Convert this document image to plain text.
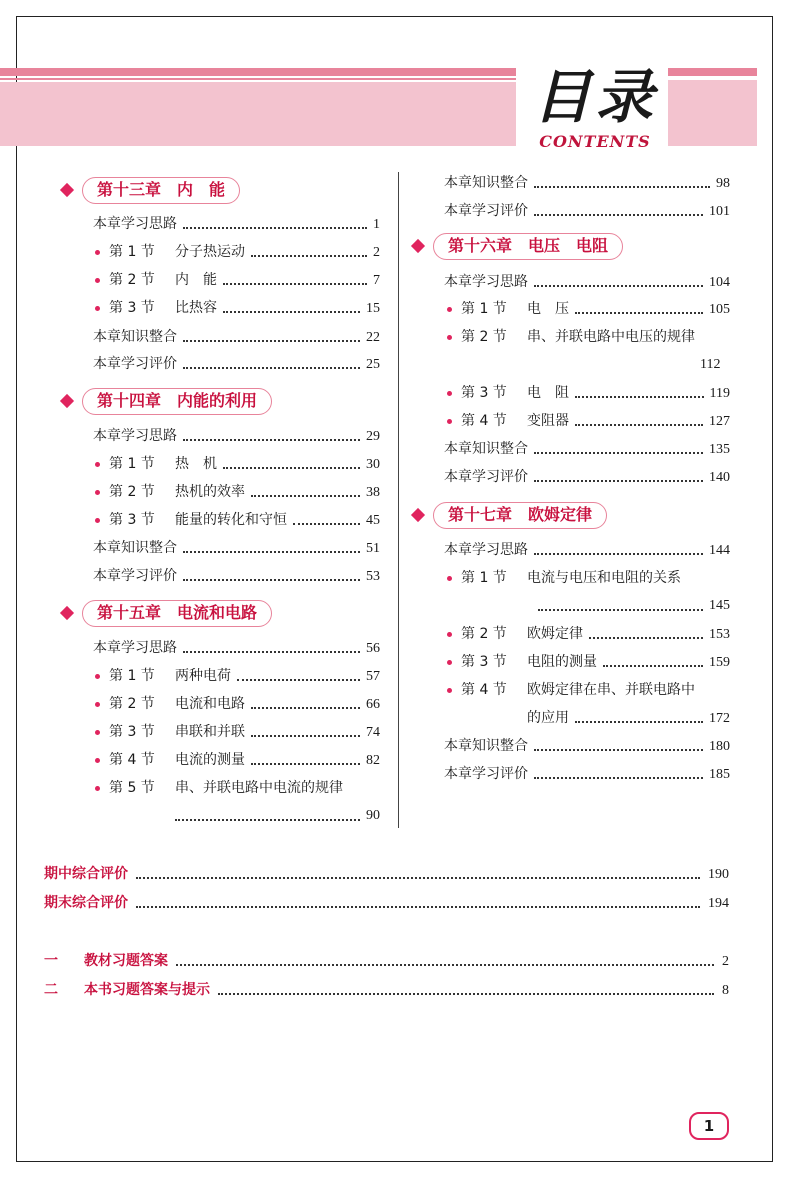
目录
CONTENTS
第十三章　内　能
本章学习思路	1
第 1 节	分子热运动	2
第 2 节	内　能	7
第 3 节	比热容	15
本章知识整合	22
本章学习评价	25
第十四章　内能的利用
本章学习思路	29
第 1 节	热　机	30
第 2 节	热机的效率	38
第 3 节	能量的转化和守恒	45
本章知识整合	51
本章学习评价	53
第十五章　电流和电路
本章学习思路	56
第 1 节	两种电荷	57
第 2 节	电流和电路	66
第 3 节	串联和并联	74
第 4 节	电流的测量	82
第 5 节	串、并联电路中电流的规律
90
本章知识整合	98
本章学习评价	101
第十六章　电压　电阻
本章学习思路	104
第 1 节	电　压	105
第 2 节	串、并联电路中电压的规律
112
第 3 节	电　阻	119
第 4 节	变阻器	127
本章知识整合	135
本章学习评价	140
第十七章　欧姆定律
本章学习思路	144
第 1 节	电流与电压和电阻的关系
145
第 2 节	欧姆定律	153
第 3 节	电阻的测量	159
第 4 节	欧姆定律在串、并联电路中
的应用	172
本章知识整合	180
本章学习评价	185
期中综合评价	190
期末综合评价	194
一	教材习题答案	2
二	本书习题答案与提示	8
1
